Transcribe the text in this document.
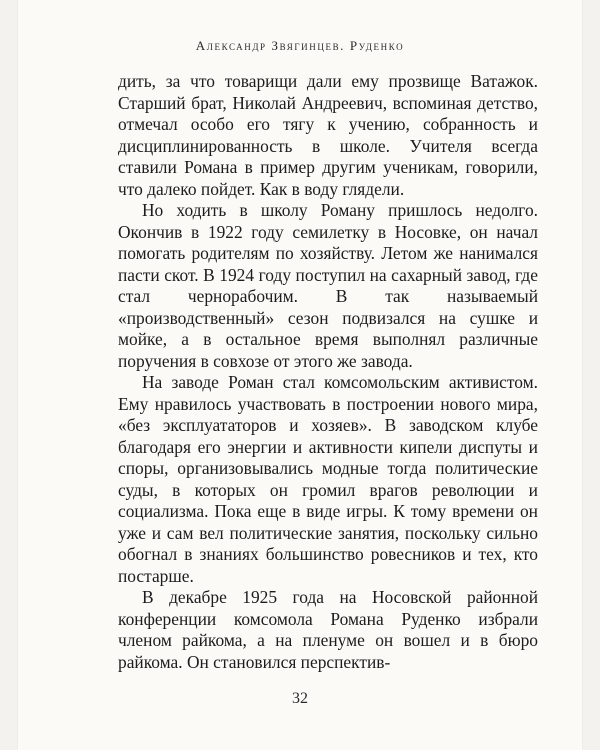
Александр Звягинцев. Руденко

дить, за что товарищи дали ему прозвище Ватажок. Старший брат, Николай Андреевич, вспоминая детство, отмечал особо его тягу к учению, собранность и дисциплинированность в школе. Учителя всегда ставили Романа в пример другим ученикам, говорили, что далеко пойдет. Как в воду глядели.

Но ходить в школу Роману пришлось недолго. Окончив в 1922 году семилетку в Носовке, он начал помогать родителям по хозяйству. Летом же нанимался пасти скот. В 1924 году поступил на сахарный завод, где стал чернорабочим. В так называемый «производственный» сезон подвизался на сушке и мойке, а в остальное время выполнял различные поручения в совхозе от этого же завода.

На заводе Роман стал комсомольским активистом. Ему нравилось участвовать в построении нового мира, «без эксплуататоров и хозяев». В заводском клубе благодаря его энергии и активности кипели диспуты и споры, организовывались модные тогда политические суды, в которых он громил врагов революции и социализма. Пока еще в виде игры. К тому времени он уже и сам вел политические занятия, поскольку сильно обогнал в знаниях большинство ровесников и тех, кто постарше.

В декабре 1925 года на Носовской районной конференции комсомола Романа Руденко избрали членом райкома, а на пленуме он вошел и в бюро райкома. Он становился перспектив-

32
